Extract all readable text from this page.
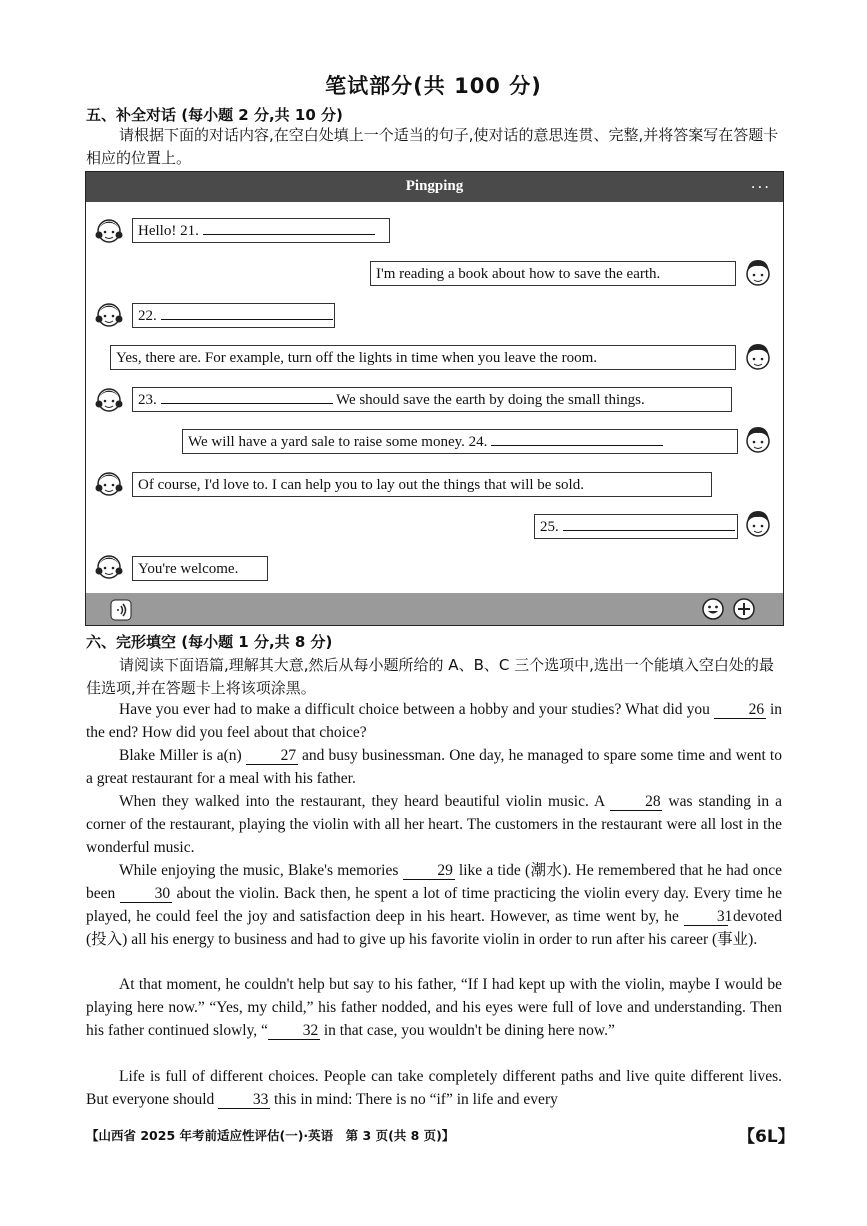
笔试部分(共 100 分)
五、补全对话 (每小题 2 分,共 10 分)
请根据下面的对话内容,在空白处填上一个适当的句子,使对话的意思连贯、完整,并将答案写在答题卡相应的位置上。
Pingping	...
Hello! 21.
I'm reading a book about how to save the earth.
22.
Yes, there are. For example, turn off the lights in time when you leave the room.
23.	We should save the earth by doing the small things.
We will have a yard sale to raise some money. 24.
Of course, I'd love to. I can help you to lay out the things that will be sold.
25.
You're welcome.
六、完形填空 (每小题 1 分,共 8 分)
请阅读下面语篇,理解其大意,然后从每小题所给的 A、B、C 三个选项中,选出一个能填入空白处的最佳选项,并在答题卡上将该项涂黑。
Have you ever had to make a difficult choice between a hobby and your studies? What did you	26 in the end? How did you feel about that choice?
Blake Miller is a(n)	27 and busy businessman. One day, he managed to spare some time and went to a great restaurant for a meal with his father.
When they walked into the restaurant, they heard beautiful violin music. A	28 was standing in a corner of the restaurant, playing the violin with all her heart. The customers in the restaurant were all lost in the wonderful music.
While enjoying the music, Blake's memories	29 like a tide (潮水). He remembered that he had once been	30 about the violin. Back then, he spent a lot of time practicing the violin every day. Every time he played, he could feel the joy and satisfaction deep in his heart. However, as time went by, he 31 devoted (投入) all his energy to business and had to give up his favorite violin in order to run after his career (事业).
At that moment, he couldn't help but say to his father, “If I had kept up with the violin, maybe I would be playing here now.” “Yes, my child,” his father nodded, and his eyes were full of love and understanding. Then his father continued slowly, “ 32 in that case, you wouldn't be dining here now.”
Life is full of different choices. People can take completely different paths and live quite different lives. But everyone should 33 this in mind: There is no “if” in life and every
【山西省 2025 年考前适应性评估(一)·英语　第 3 页(共 8 页)】	【6L】
